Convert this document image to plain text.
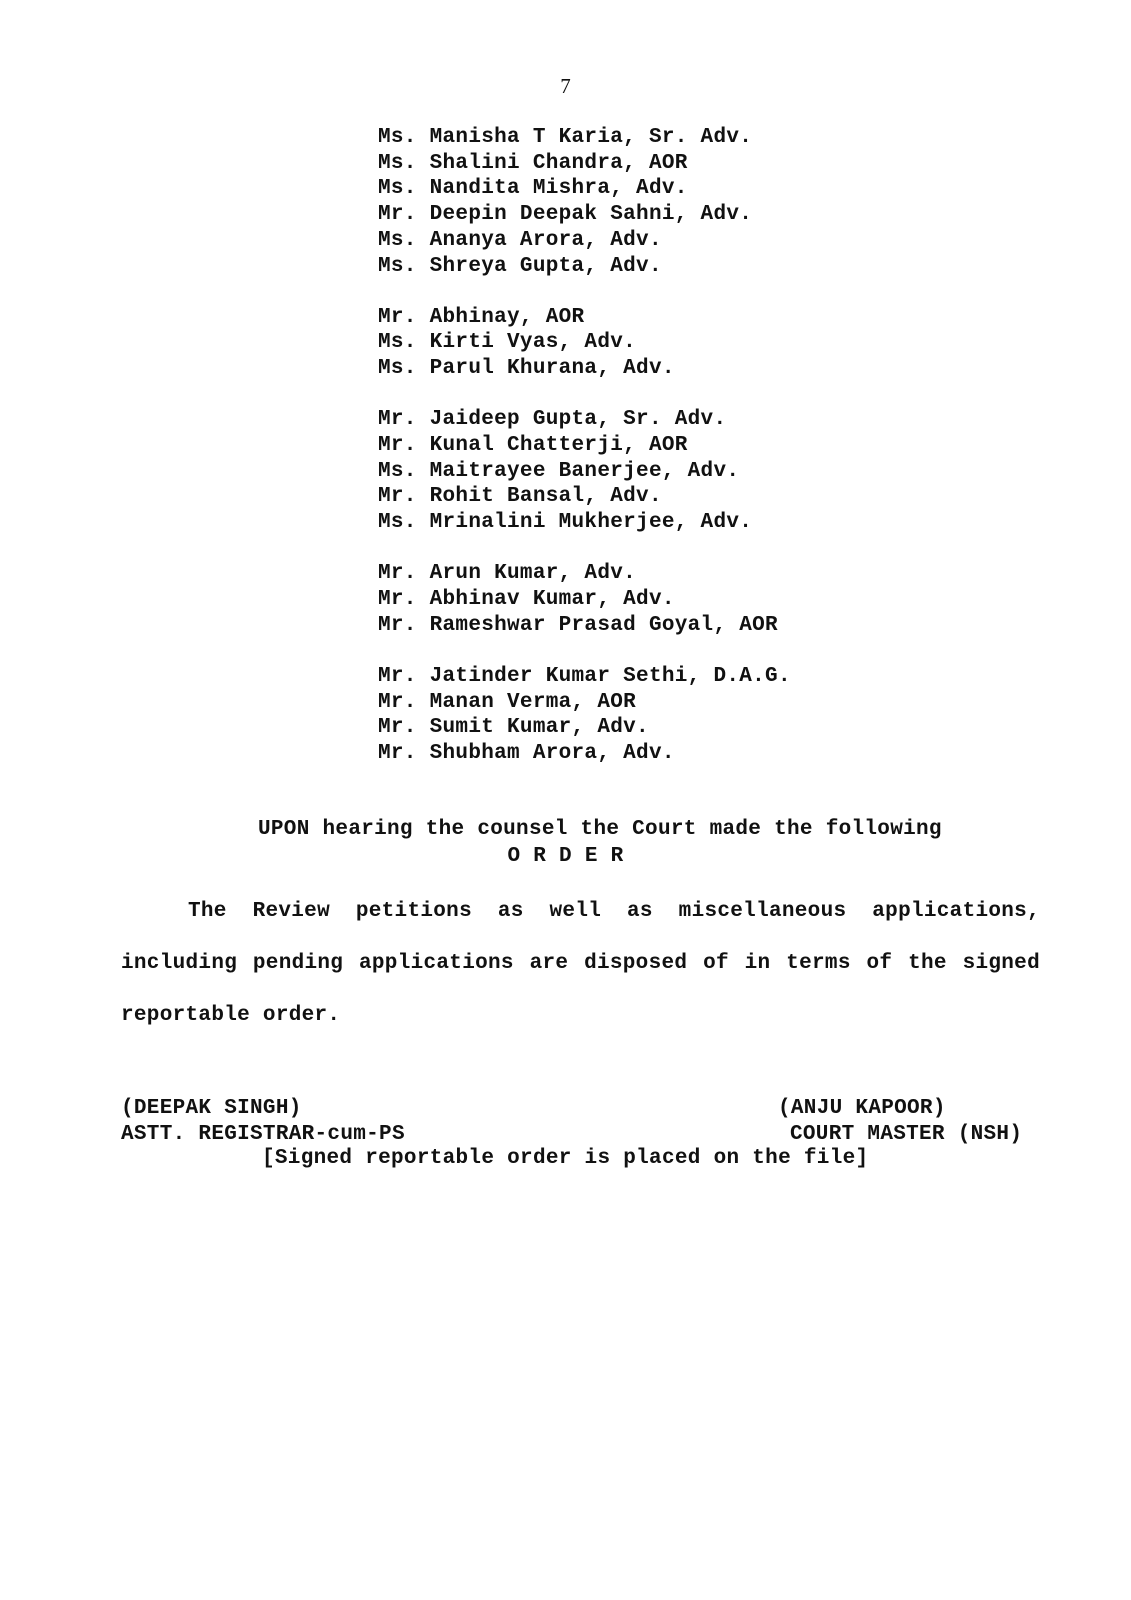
7
Ms. Manisha T Karia, Sr. Adv.
Ms. Shalini Chandra, AOR
Ms. Nandita Mishra, Adv.
Mr. Deepin Deepak Sahni, Adv.
Ms. Ananya Arora, Adv.
Ms. Shreya Gupta, Adv.
Mr. Abhinay, AOR
Ms. Kirti Vyas, Adv.
Ms. Parul Khurana, Adv.
Mr. Jaideep Gupta, Sr. Adv.
Mr. Kunal Chatterji, AOR
Ms. Maitrayee Banerjee, Adv.
Mr. Rohit Bansal, Adv.
Ms. Mrinalini Mukherjee, Adv.
Mr. Arun Kumar, Adv.
Mr. Abhinav Kumar, Adv.
Mr. Rameshwar Prasad Goyal, AOR
Mr. Jatinder Kumar Sethi, D.A.G.
Mr. Manan Verma, AOR
Mr. Sumit Kumar, Adv.
Mr. Shubham Arora, Adv.
UPON hearing the counsel the Court made the following
O R D E R
The Review petitions as well as miscellaneous applications, including pending applications are disposed of in terms of the signed reportable order.
(DEEPAK SINGH)
ASTT. REGISTRAR-cum-PS
(ANJU KAPOOR)
COURT MASTER (NSH)
[Signed reportable order is placed on the file]
